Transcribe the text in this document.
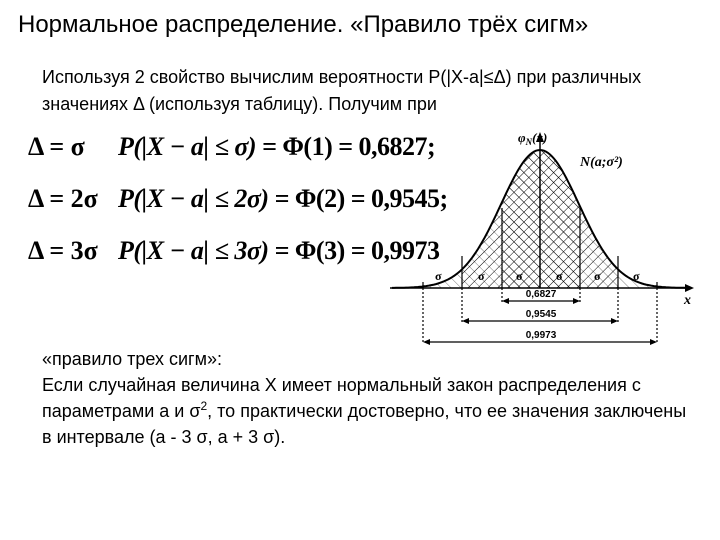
Нормальное распределение. «Правило трёх сигм»
Используя 2 свойство вычислим вероятности P(|X-a|≤Δ) при различных значениях Δ (используя таблицу). Получим при
Δ = σ P(|X − a| ≤ σ) = Φ(1) = 0,6827;
Δ = 2σ P(|X − a| ≤ 2σ) = Φ(2) = 0,9545;
Δ = 3σ P(|X − a| ≤ 3σ) = Φ(3) = 0,9973
$\varphi_N(x)$
N(a;σ²)
x
σ	σ	σ	σ	σ	σ
0,6827
0,9545
0,9973

«правило трех сигм»:

Если случайная величина X имеет нормальный закон распределения с параметрами a и $\sigma^2$, то практически достоверно, что ее значения заключены в интервале (a - 3 σ, a + 3 σ).
